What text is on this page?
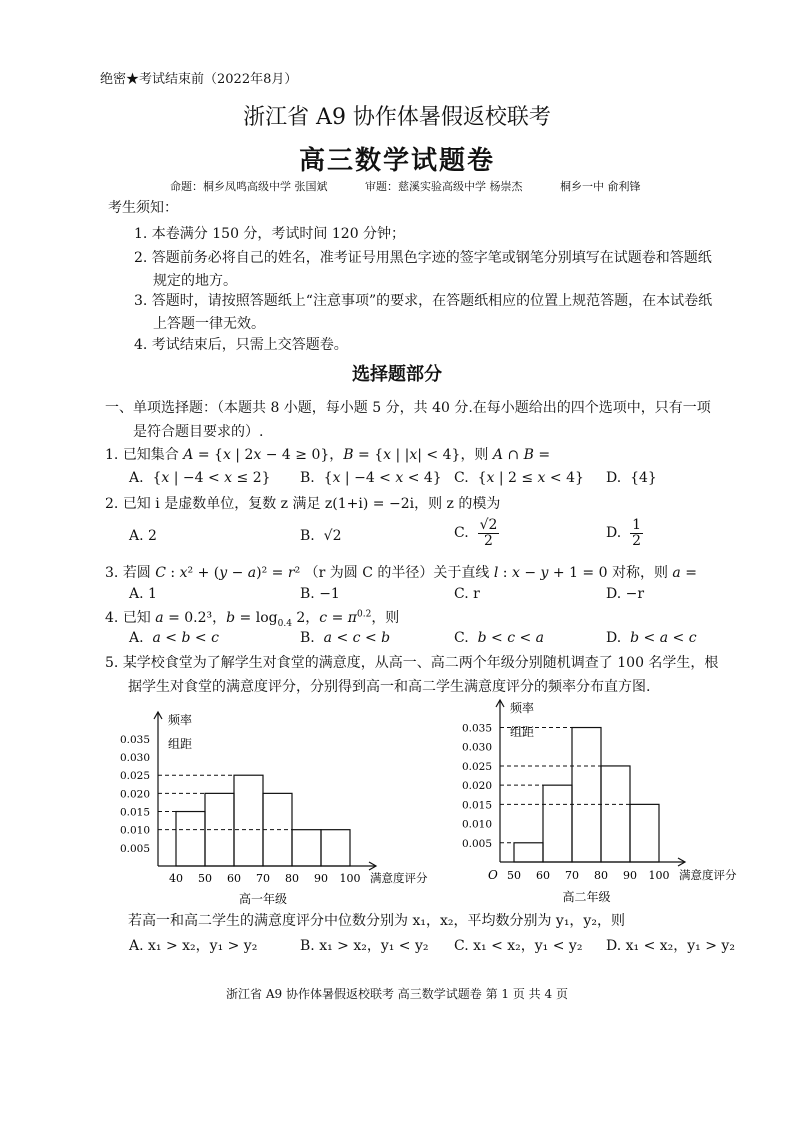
绝密★考试结束前（2022年8月）
浙江省 A9 协作体暑假返校联考
高三数学试题卷
命题：桐乡凤鸣高级中学 张国斌	审题：慈溪实验高级中学 杨崇杰	桐乡一中 俞利锋
考生须知：
1. 本卷满分 150 分，考试时间 120 分钟；
2. 答题前务必将自己的姓名，准考证号用黑色字迹的签字笔或钢笔分别填写在试题卷和答题纸
规定的地方。
3. 答题时，请按照答题纸上“注意事项”的要求，在答题纸相应的位置上规范答题，在本试卷纸
上答题一律无效。
4. 考试结束后，只需上交答题卷。
选择题部分
一、单项选择题：（本题共 8 小题，每小题 5 分，共 40 分.在每小题给出的四个选项中，只有一项
是符合题目要求的）.
1. 已知集合 A = {x | 2x − 4 ≥ 0}，B = {x | |x| < 4}，则 A ∩ B =
A.  {x | −4 < x ≤ 2} B.  {x | −4 < x < 4} C.  {x | 2 ≤ x < 4} D.  {4}
2. 已知 i 是虚数单位，复数 z 满足 z(1+i) = −2i，则 z 的模为
A. 2	B.  √2	C. $\frac{√2}{2}$	D. $\frac{1}{2}$
3. 若圆 C : x² + (y − a)² = r² （r 为圆 C 的半径）关于直线 l : x − y + 1 = 0 对称，则 a =
A. 1	B. −1	C. r	D. −r
4. 已知 a = 0.2³，$b = \log_{0.4} 2$，$c = \pi^{0.2}$，则
A. a < b < c	B. a < c < b	C. b < c < a	D. b < a < c
5. 某学校食堂为了解学生对食堂的满意度，从高一、高二两个年级分别随机调查了 100 名学生，根
据学生对食堂的满意度评分，分别得到高一和高二学生满意度评分的频率分布直方图.
频率
组距
0.035
0.030
0.025
0.020
0.015
0.010
0.005
40 50 60 70 80 90 100 满意度评分
高一年级
频率
组距
0.035
0.030
0.025
0.020
0.015
0.010
0.005
50 60 70 80 90 100
O	满意度评分
高二年级
若高一和高二学生的满意度评分中位数分别为 x₁，x₂，平均数分别为 y₁，y₂，则
A. x₁ > x₂，y₁ > y₂	B. x₁ > x₂，y₁ < y₂ C. x₁ < x₂，y₁ < y₂ D. x₁ < x₂，y₁ > y₂
浙江省 A9 协作体暑假返校联考 高三数学试题卷 第 1 页 共 4 页
